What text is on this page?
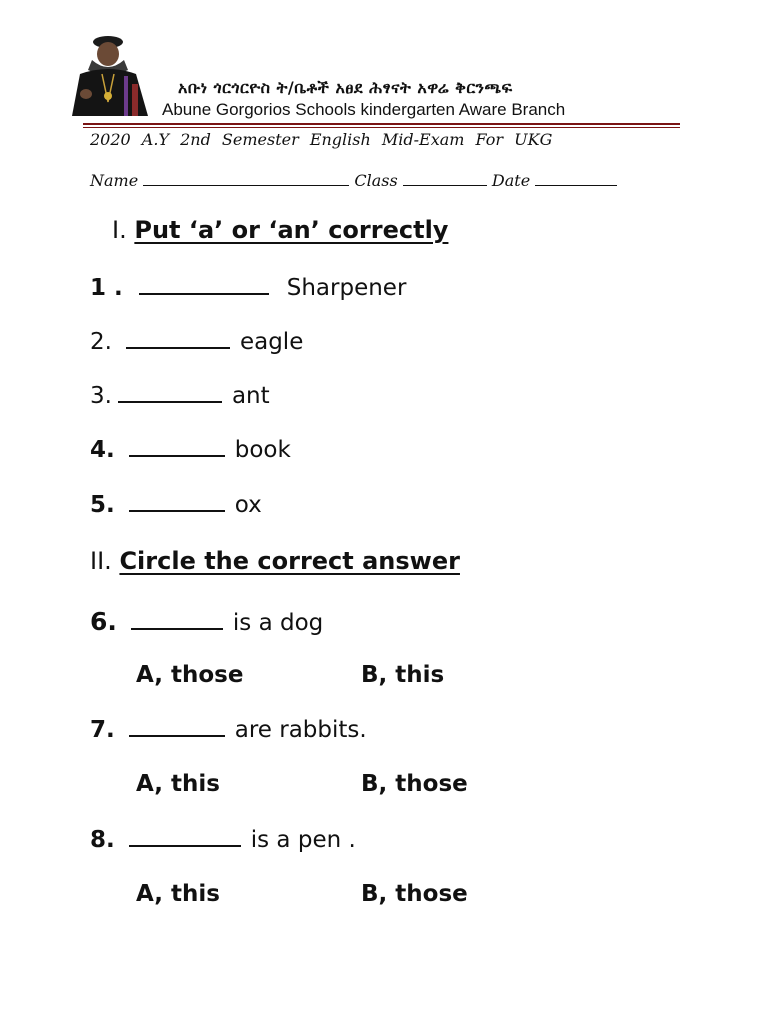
አቡነ ጎርጎርዮስ ት/ቤቶች አፀደ ሕፃናት አዋሬ ቅርንጫፍ
Abune Gorgorios Schools kindergarten Aware Branch
2020 A.Y 2nd Semester English Mid-Exam For UKG
Name	Class	Date
I. Put ‘a’ or ‘an’ correctly
1 .	Sharpener
2.	eagle
3.	ant
4.	book
5.	ox
II. Circle the correct answer
6.	is a dog
A, those	B, this
7.	are rabbits.
A, this	B, those
8.	is a pen .
A, this	B, those
